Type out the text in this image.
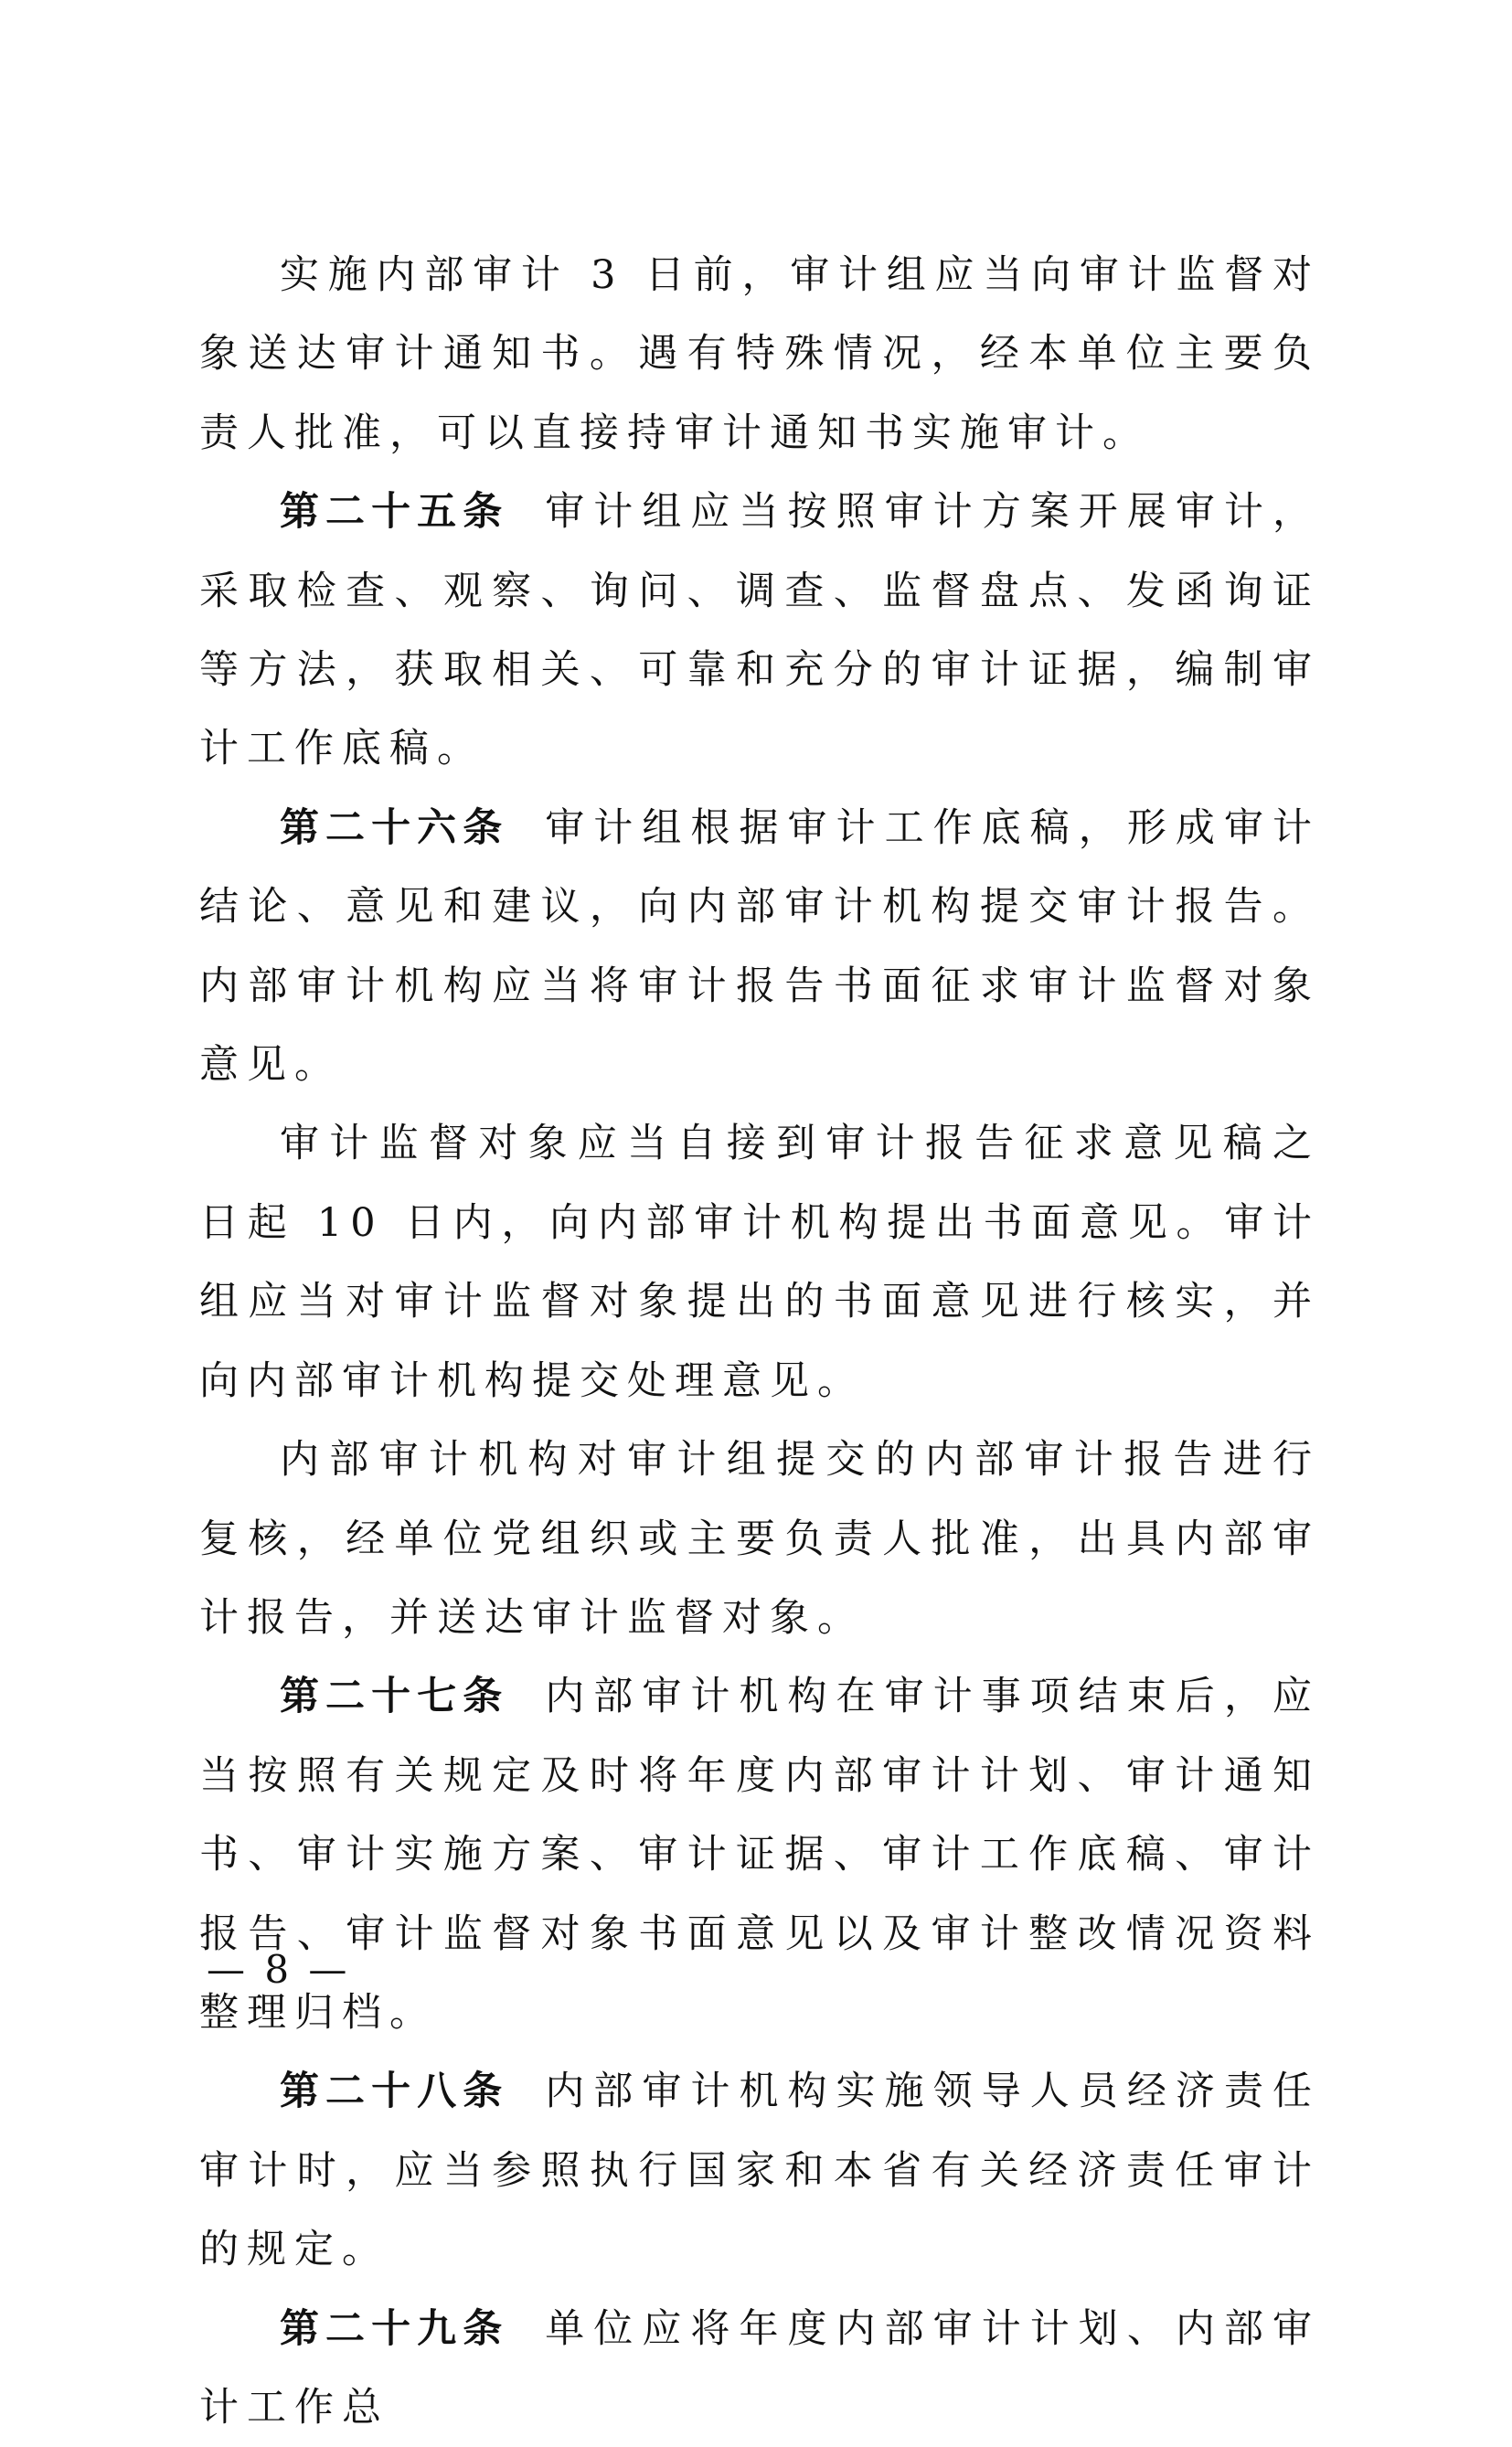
实施内部审计 3 日前，审计组应当向审计监督对象送达审计通知书。遇有特殊情况，经本单位主要负责人批准，可以直接持审计通知书实施审计。

第二十五条 审计组应当按照审计方案开展审计，采取检查、观察、询问、调查、监督盘点、发函询证等方法，获取相关、可靠和充分的审计证据，编制审计工作底稿。

第二十六条 审计组根据审计工作底稿，形成审计结论、意见和建议，向内部审计机构提交审计报告。内部审计机构应当将审计报告书面征求审计监督对象意见。

审计监督对象应当自接到审计报告征求意见稿之日起 10 日内，向内部审计机构提出书面意见。审计组应当对审计监督对象提出的书面意见进行核实，并向内部审计机构提交处理意见。

内部审计机构对审计组提交的内部审计报告进行复核，经单位党组织或主要负责人批准，出具内部审计报告，并送达审计监督对象。

第二十七条 内部审计机构在审计事项结束后，应当按照有关规定及时将年度内部审计计划、审计通知书、审计实施方案、审计证据、审计工作底稿、审计报告、审计监督对象书面意见以及审计整改情况资料整理归档。

第二十八条 内部审计机构实施领导人员经济责任审计时，应当参照执行国家和本省有关经济责任审计的规定。

第二十九条 单位应将年度内部审计计划、内部审计工作总

— 8 —
